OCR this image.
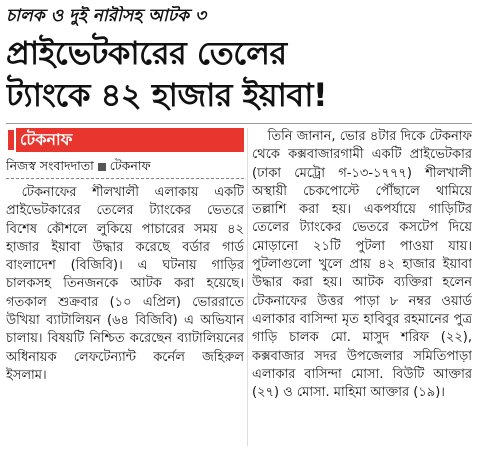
চালক ও দুই নারীসহ আটক ৩
প্রাইভেটকারের তেলের
ট্যাংকে ৪২ হাজার ইয়াবা!
টেকনাফ
নিজস্ব সংবাদদাতা টেকনাফ

টেকনাফের শীলখালী এলাকায় একটি প্রাইভেটকারের তেলের ট্যাংকের ভেতরে বিশেষ কৌশলে লুকিয়ে পাচারের সময় ৪২ হাজার ইয়াবা উদ্ধার করেছে বর্ডার গার্ড বাংলাদেশ (বিজিবি)। এ ঘটনায় গাড়ির চালকসহ তিনজনকে আটক করা হয়েছে। গতকাল শুক্রবার (১০ এপ্রিল) ভোররাতে উখিয়া ব্যাটালিয়ন (৬৪ বিজিবি) এ অভিযান চালায়। বিষয়টি নিশ্চিত করেছেন ব্যাটালিয়নের অধিনায়ক লেফটেন্যান্ট কর্নেল জহিরুল ইসলাম।

তিনি জানান, ভোর ৪টার দিকে টেকনাফ থেকে কক্সবাজারগামী একটি প্রাইভেটকার (ঢাকা মেট্রো গ-১৩-১৭৭৭) শীলখালী অস্থায়ী চেকপোস্টে পৌঁছালে থামিয়ে তল্লাশি করা হয়। একপর্যায়ে গাড়িটির তেলের ট্যাংকের ভেতরে কসটেপ দিয়ে মোড়ানো ২১টি পুটলা পাওয়া যায়। পুটলাগুলো খুলে প্রায় ৪২ হাজার ইয়াবা উদ্ধার করা হয়। আটক ব্যক্তিরা হলেন টেকনাফের উত্তর পাড়া ৮ নম্বর ওয়ার্ড এলাকার বাসিন্দা মৃত হাবিবুর রহমানের পুত্র গাড়ি চালক মো. মাসুদ শরিফ (২২), কক্সবাজার সদর উপজেলার সমিতিপাড়া এলাকার বাসিন্দা মোসা. বিউটি আক্তার (২৭) ও মোসা. মাহিমা আক্তার (১৯)।
